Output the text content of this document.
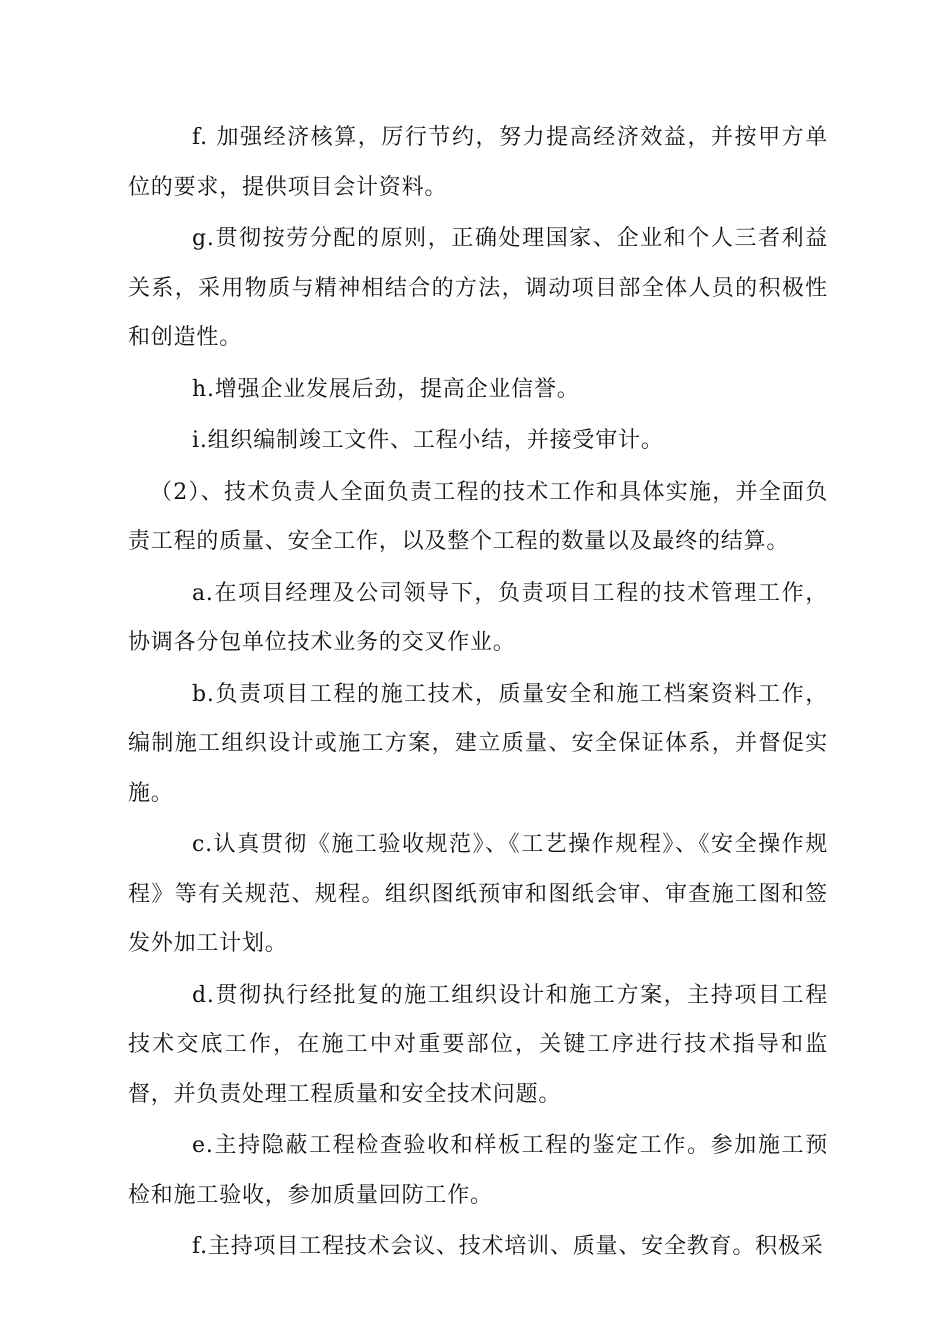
f. 加强经济核算，厉行节约，努力提高经济效益，并按甲方单位的要求，提供项目会计资料。

g.贯彻按劳分配的原则，正确处理国家、企业和个人三者利益关系，采用物质与精神相结合的方法，调动项目部全体人员的积极性和创造性。

h.增强企业发展后劲，提高企业信誉。

i.组织编制竣工文件、工程小结，并接受审计。

（2）、技术负责人全面负责工程的技术工作和具体实施，并全面负责工程的质量、安全工作，以及整个工程的数量以及最终的结算。

a.在项目经理及公司领导下，负责项目工程的技术管理工作，协调各分包单位技术业务的交叉作业。

b.负责项目工程的施工技术，质量安全和施工档案资料工作，编制施工组织设计或施工方案，建立质量、安全保证体系，并督促实施。

c.认真贯彻《施工验收规范》、《工艺操作规程》、《安全操作规程》等有关规范、规程。组织图纸预审和图纸会审、审查施工图和签发外加工计划。

d.贯彻执行经批复的施工组织设计和施工方案，主持项目工程技术交底工作，在施工中对重要部位，关键工序进行技术指导和监督，并负责处理工程质量和安全技术问题。

e.主持隐蔽工程检查验收和样板工程的鉴定工作。参加施工预检和施工验收，参加质量回防工作。

f.主持项目工程技术会议、技术培训、质量、安全教育。积极采
